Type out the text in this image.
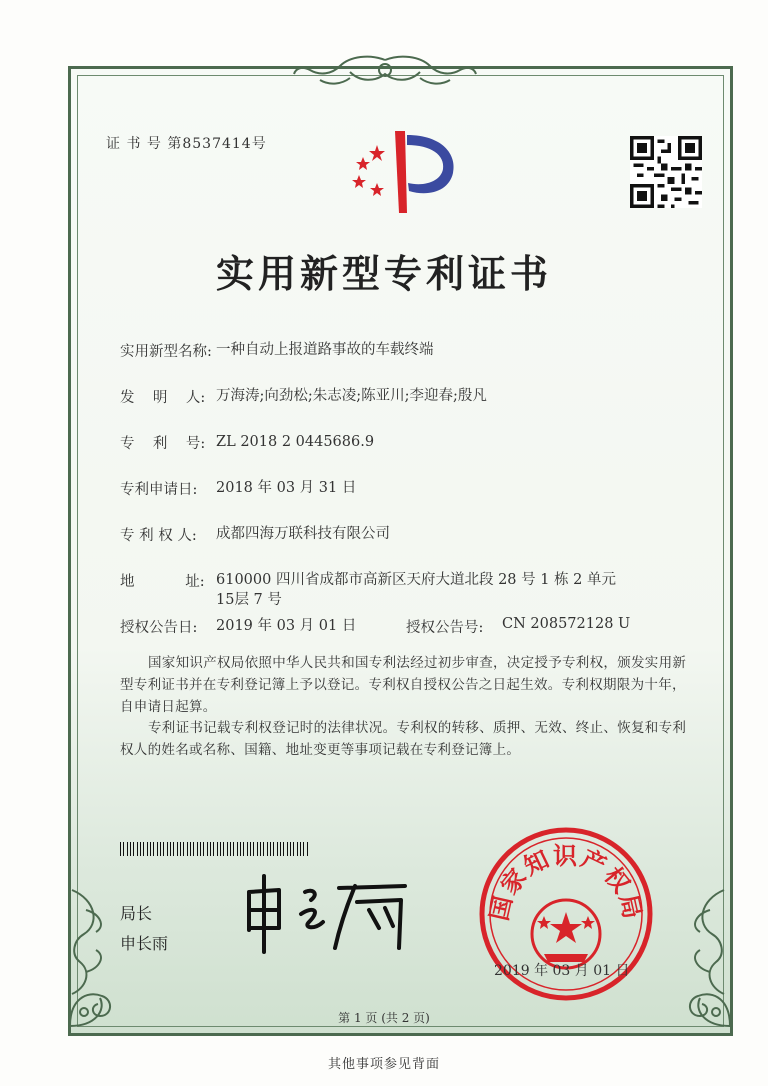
证 书 号 第8537414号
实用新型专利证书
实用新型名称: 一种自动上报道路事故的车载终端
发    明    人: 万海涛;向劲松;朱志凌;陈亚川;李迎春;殷凡
专    利    号: ZL 2018 2 0445686.9
专利申请日:	2018 年 03 月 31 日
专 利 权 人:	成都四海万联科技有限公司
地           址: 610000 四川省成都市高新区天府大道北段 28 号 1 栋 2 单元 15层 7 号
授权公告日:	2019 年 03 月 01 日	授权公告号:	CN 208572128 U

国家知识产权局依照中华人民共和国专利法经过初步审查，决定授予专利权，颁发实用新型专利证书并在专利登记簿上予以登记。专利权自授权公告之日起生效。专利权期限为十年，自申请日起算。

专利证书记载专利权登记时的法律状况。专利权的转移、质押、无效、终止、恢复和专利权人的姓名或名称、国籍、地址变更等事项记载在专利登记簿上。

局长
申长雨
国家知识产权局
2019 年 03 月 01 日
第 1 页 (共 2 页)
其他事项参见背面
